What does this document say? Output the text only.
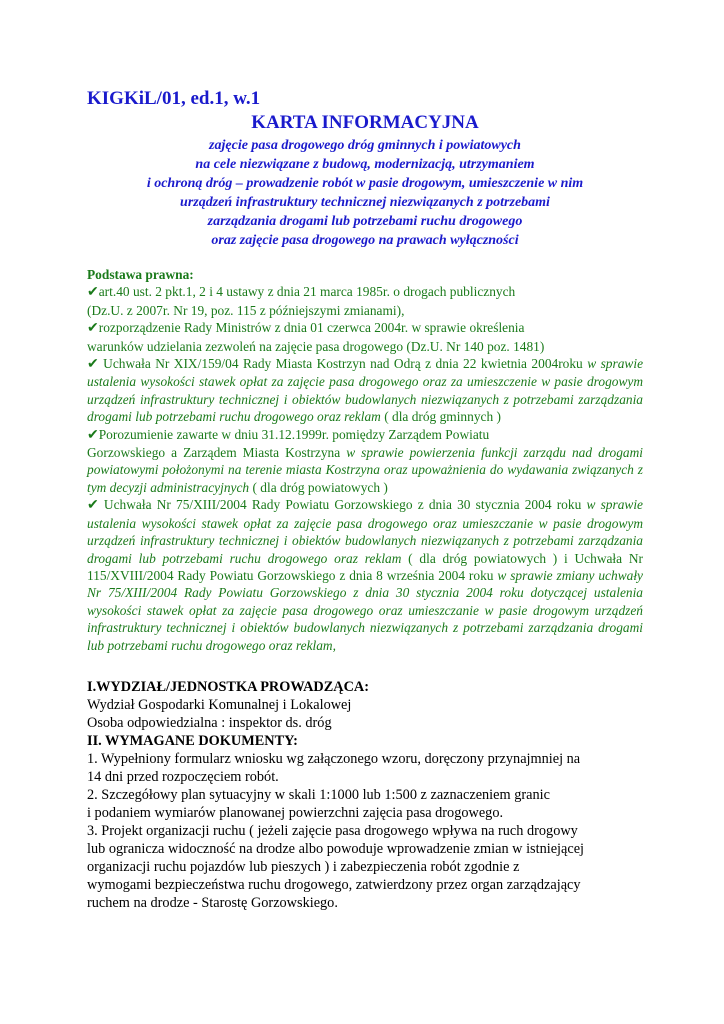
KIGKiL/01, ed.1, w.1
KARTA INFORMACYJNA

zajęcie pasa drogowego dróg gminnych i powiatowych

na cele niezwiązane z budową, modernizacją, utrzymaniem

i ochroną dróg – prowadzenie robót w pasie drogowym, umieszczenie w nim

urządzeń infrastruktury technicznej niezwiązanych z potrzebami

zarządzania drogami lub potrzebami ruchu drogowego

oraz zajęcie pasa drogowego na prawach wyłączności

Podstawa prawna:

✔art.40 ust. 2 pkt.1, 2 i 4 ustawy z dnia 21 marca 1985r. o drogach publicznych

(Dz.U. z 2007r. Nr 19, poz. 115 z późniejszymi zmianami),

✔rozporządzenie Rady Ministrów z dnia 01 czerwca 2004r. w sprawie określenia

warunków udzielania zezwoleń na zajęcie pasa drogowego (Dz.U. Nr 140 poz. 1481)

✔ Uchwała Nr XIX/159/04 Rady Miasta Kostrzyn nad Odrą z dnia 22 kwietnia 2004roku w sprawie ustalenia wysokości stawek opłat za zajęcie pasa drogowego oraz za umieszczenie w pasie drogowym urządzeń infrastruktury technicznej i obiektów budowlanych niezwiązanych z potrzebami zarządzania drogami lub potrzebami ruchu drogowego oraz reklam ( dla dróg gminnych )

✔Porozumienie zawarte w dniu 31.12.1999r. pomiędzy Zarządem Powiatu

Gorzowskiego a Zarządem Miasta Kostrzyna w sprawie powierzenia funkcji zarządu nad drogami powiatowymi położonymi na terenie miasta Kostrzyna oraz upoważnienia do wydawania związanych z tym decyzji administracyjnych ( dla dróg powiatowych )

✔ Uchwała Nr 75/XIII/2004 Rady Powiatu Gorzowskiego z dnia 30 stycznia 2004 roku w sprawie ustalenia wysokości stawek opłat za zajęcie pasa drogowego oraz umieszczanie w pasie drogowym urządzeń infrastruktury technicznej i obiektów budowlanych niezwiązanych z potrzebami zarządzania drogami lub potrzebami ruchu drogowego oraz reklam ( dla dróg powiatowych ) i Uchwała Nr 115/XVIII/2004 Rady Powiatu Gorzowskiego z dnia 8 września 2004 roku w sprawie zmiany uchwały Nr 75/XIII/2004 Rady Powiatu Gorzowskiego z dnia 30 stycznia 2004 roku dotyczącej ustalenia wysokości stawek opłat za zajęcie pasa drogowego oraz umieszczanie w pasie drogowym urządzeń infrastruktury technicznej i obiektów budowlanych niezwiązanych z potrzebami zarządzania drogami lub potrzebami ruchu drogowego oraz reklam,

I.WYDZIAŁ/JEDNOSTKA PROWADZĄCA:

Wydział Gospodarki Komunalnej i Lokalowej

Osoba odpowiedzialna : inspektor ds. dróg

II. WYMAGANE DOKUMENTY:

1. Wypełniony formularz wniosku wg załączonego wzoru, doręczony przynajmniej na

14 dni przed rozpoczęciem robót.

2. Szczegółowy plan sytuacyjny w skali 1:1000 lub 1:500 z zaznaczeniem granic

i podaniem wymiarów planowanej powierzchni zajęcia pasa drogowego.

3. Projekt organizacji ruchu ( jeżeli zajęcie pasa drogowego wpływa na ruch drogowy

lub ogranicza widoczność na drodze albo powoduje wprowadzenie zmian w istniejącej

organizacji ruchu pojazdów lub pieszych ) i zabezpieczenia robót zgodnie z

wymogami bezpieczeństwa ruchu drogowego, zatwierdzony przez organ zarządzający

ruchem na drodze - Starostę Gorzowskiego.
